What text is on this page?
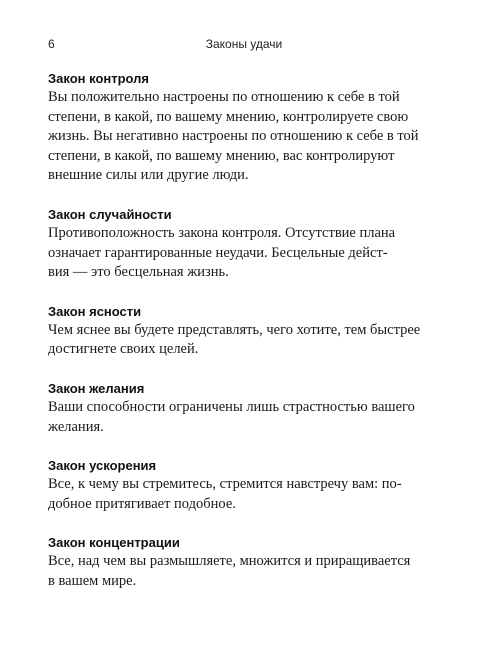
6	Законы удачи

Закон контроля

Вы положительно настроены по отношению к себе в той
степени, в какой, по вашему мнению, контролируете свою
жизнь. Вы негативно настроены по отношению к себе в той
степени, в какой, по вашему мнению, вас контролируют
внешние силы или другие люди.

Закон случайности

Противоположность закона контроля. Отсутствие плана
означает гарантированные неудачи. Бесцельные дейст-
вия — это бесцельная жизнь.

Закон ясности

Чем яснее вы будете представлять, чего хотите, тем быстрее
достигнете своих целей.

Закон желания

Ваши способности ограничены лишь страстностью вашего
желания.

Закон ускорения

Все, к чему вы стремитесь, стремится навстречу вам: по-
добное притягивает подобное.

Закон концентрации

Все, над чем вы размышляете, множится и приращивается
в вашем мире.
